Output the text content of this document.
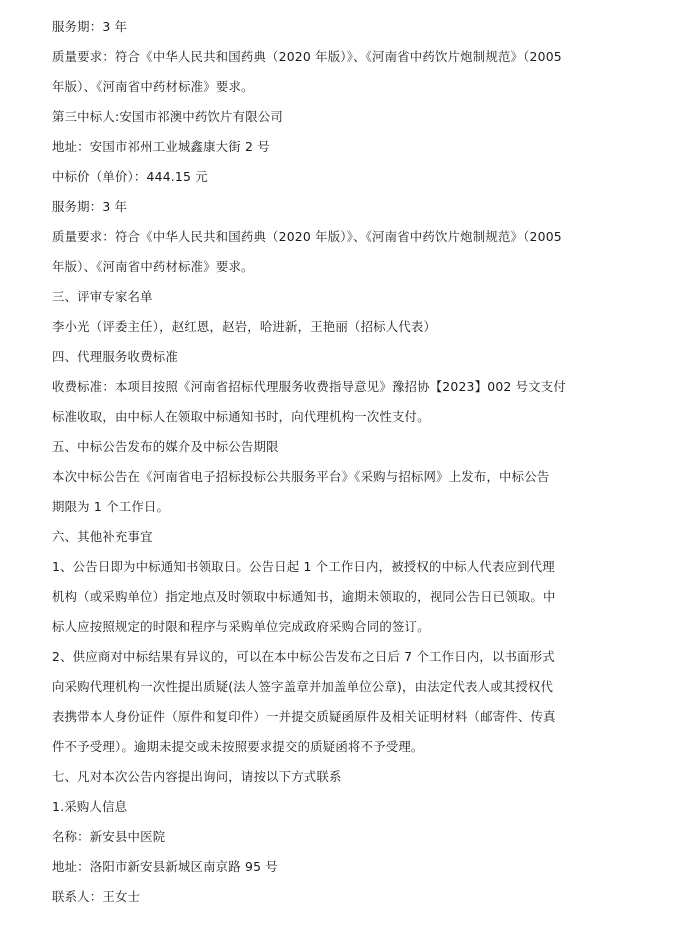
服务期：3 年
质量要求：符合《中华人民共和国药典（2020 年版）》、《河南省中药饮片炮制规范》（2005
年版）、《河南省中药材标准》要求。
第三中标人:安国市祁澳中药饮片有限公司
地址：安国市祁州工业城鑫康大街 2 号
中标价（单价）：444.15 元
服务期：3 年
质量要求：符合《中华人民共和国药典（2020 年版）》、《河南省中药饮片炮制规范》（2005
年版）、《河南省中药材标准》要求。
三、评审专家名单
李小光（评委主任），赵红恩，赵岩，哈进新，王艳丽（招标人代表）
四、代理服务收费标准
收费标准：本项目按照《河南省招标代理服务收费指导意见》豫招协【2023】002 号文支付
标准收取，由中标人在领取中标通知书时，向代理机构一次性支付。
五、中标公告发布的媒介及中标公告期限
本次中标公告在《河南省电子招标投标公共服务平台》《采购与招标网》上发布，中标公告
期限为 1 个工作日。
六、其他补充事宜
1、公告日即为中标通知书领取日。公告日起 1 个工作日内，被授权的中标人代表应到代理
机构（或采购单位）指定地点及时领取中标通知书，逾期未领取的，视同公告日已领取。中
标人应按照规定的时限和程序与采购单位完成政府采购合同的签订。
2、供应商对中标结果有异议的，可以在本中标公告发布之日后 7 个工作日内，以书面形式
向采购代理机构一次性提出质疑(法人签字盖章并加盖单位公章)，由法定代表人或其授权代
表携带本人身份证件（原件和复印件）一并提交质疑函原件及相关证明材料（邮寄件、传真
件不予受理）。逾期未提交或未按照要求提交的质疑函将不予受理。
七、凡对本次公告内容提出询问，请按以下方式联系
1.采购人信息
名称：新安县中医院
地址：洛阳市新安县新城区南京路 95 号
联系人：王女士
